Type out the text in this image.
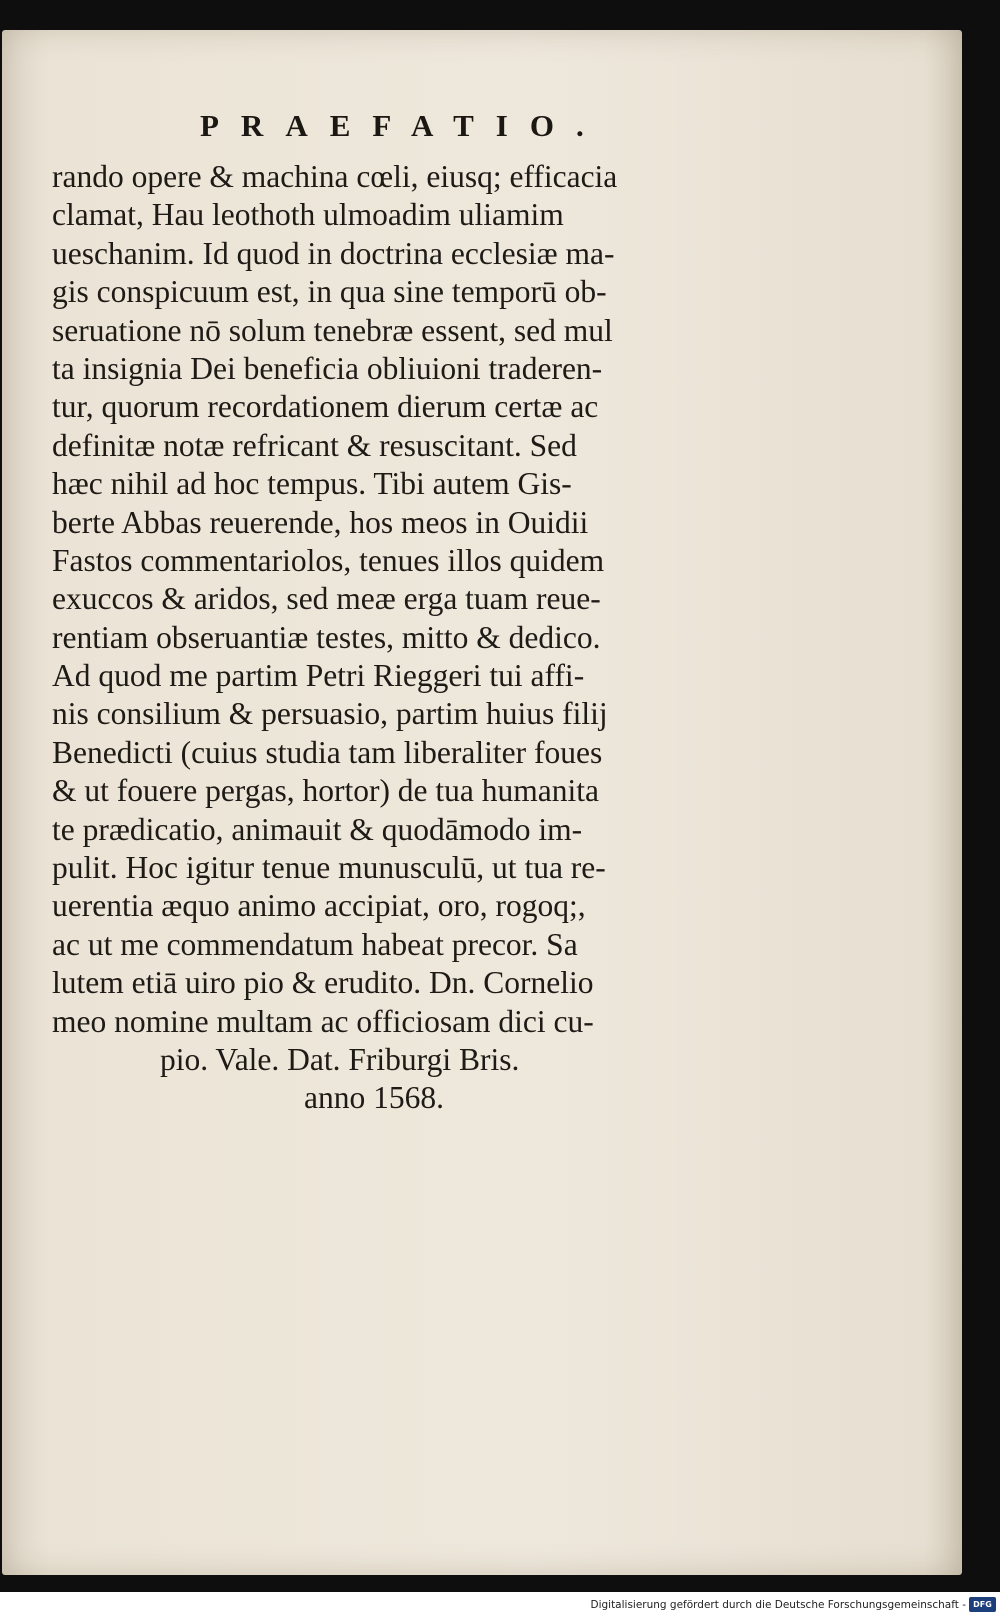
PRAEFATIO.
rando opere & machina cœli, eiusq; efficacia
clamat, Hau leothoth ulmoadim uliamim
ueschanim. Id quod in doctrina ecclesiæ ma-
gis conspicuum est, in qua sine temporū ob-
seruatione nō solum tenebræ essent, sed mul
ta insignia Dei beneficia obliuioni traderen-
tur, quorum recordationem dierum certæ ac
definitæ notæ refricant & resuscitant. Sed
hæc nihil ad hoc tempus. Tibi autem Gis-
berte Abbas reuerende, hos meos in Ouidii
Fastos commentariolos, tenues illos quidem
exuccos & aridos, sed meæ erga tuam reue-
rentiam obseruantiæ testes, mitto & dedico.
Ad quod me partim Petri Rieggeri tui affi-
nis consilium & persuasio, partim huius filij
Benedicti (cuius studia tam liberaliter foues
& ut fouere pergas, hortor) de tua humanita
te prædicatio, animauit & quodāmodo im-
pulit. Hoc igitur tenue munusculū, ut tua re-
uerentia æquo animo accipiat, oro, rogoq;,
ac ut me commendatum habeat precor. Sa
lutem etiā uiro pio & erudito. Dn. Cornelio
meo nomine multam ac officiosam dici cu-
pio. Vale. Dat. Friburgi Bris.
anno 1568.
Digitalisierung gefördert durch die Deutsche Forschungsgemeinschaft - DFG
